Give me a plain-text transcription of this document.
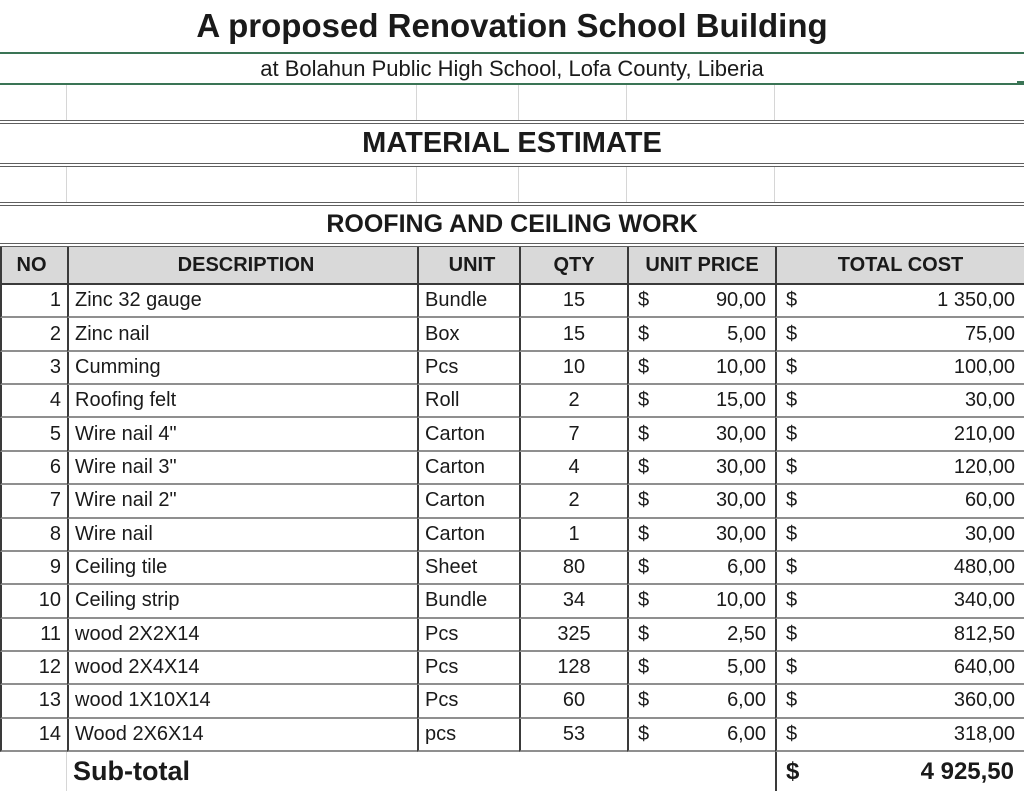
A proposed Renovation School Building
at Bolahun Public High School, Lofa County, Liberia
MATERIAL ESTIMATE
ROOFING AND CEILING WORK
NO	DESCRIPTION	UNIT	QTY	UNIT PRICE	TOTAL COST
1 Zinc 32 gauge	Bundle	15	$	90,00 $	1 350,00
2 Zinc nail	Box	15	$	5,00 $	75,00
3 Cumming	Pcs	10	$	10,00 $	100,00
4 Roofing felt	Roll	2	$	15,00 $	30,00
5 Wire nail 4"	Carton	7	$	30,00 $	210,00
6 Wire nail 3"	Carton	4	$	30,00 $	120,00
7 Wire nail 2"	Carton	2	$	30,00 $	60,00
8 Wire nail	Carton	1	$	30,00 $	30,00
9 Ceiling tile	Sheet	80	$	6,00 $	480,00
10 Ceiling strip	Bundle	34	$	10,00 $	340,00
11 wood 2X2X14	Pcs	325	$	2,50 $	812,50
12 wood 2X4X14	Pcs	128	$	5,00 $	640,00
13 wood 1X10X14	Pcs	60	$	6,00 $	360,00
14 Wood 2X6X14	pcs	53	$	6,00 $	318,00
Sub-total	$	4 925,50
